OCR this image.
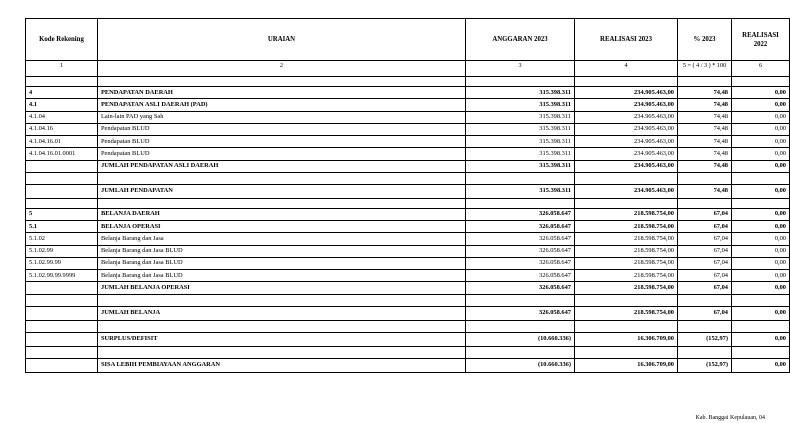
Kode Rekening	URAIAN	ANGGARAN 2023	REALISASI 2023	% 2023	REALISASI
2022
1	2	3	4	5 = ( 4 / 3 ) * 100	6

4	PENDAPATAN DAERAH	315.398.311	234.905.463,00	74,48	0,00
4.1	PENDAPATAN ASLI DAERAH (PAD)	315.398.311	234.905.463,00	74,48	0,00
4.1.04	Lain-lain PAD yang Sah	315.398.311	234.905.463,00	74,48	0,00
4.1.04.16	Pendapatan BLUD	315.398.311	234.905.463,00	74,48	0,00
4.1.04.16.01	Pendapatan BLUD	315.398.311	234.905.463,00	74,48	0,00
4.1.04.16.01.0001	Pendapatan BLUD	315.398.311	234.905.463,00	74,48	0,00
	JUMLAH PENDAPATAN ASLI DAERAH	315.398.311	234.905.463,00	74,48	0,00

	JUMLAH PENDAPATAN	315.398.311	234.905.463,00	74,48	0,00

5	BELANJA DAERAH	326.058.647	218.598.754,00	67,04	0,00
5.1	BELANJA OPERASI	326.058.647	218.598.754,00	67,04	0,00
5.1.02	Belanja Barang dan Jasa	326.058.647	218.598.754,00	67,04	0,00
5.1.02.99	Belanja Barang dan Jasa BLUD	326.058.647	218.598.754,00	67,04	0,00
5.1.02.99.99	Belanja Barang dan Jasa BLUD	326.058.647	218.598.754,00	67,04	0,00
5.1.02.99.99.9999	Belanja Barang dan Jasa BLUD	326.058.647	218.598.754,00	67,04	0,00
	JUMLAH BELANJA OPERASI	326.058.647	218.598.754,00	67,04	0,00

	JUMLAH BELANJA	326.058.647	218.598.754,00	67,04	0,00

	SURPLUS/DEFISIT	(10.660.336)	16.306.709,00	(152,97)	0,00

	SISA LEBIH PEMBIAYAAN ANGGARAN	(10.660.336)	16.306.709,00	(152,97)	0,00
Kab. Banggai Kepulauan, 04
